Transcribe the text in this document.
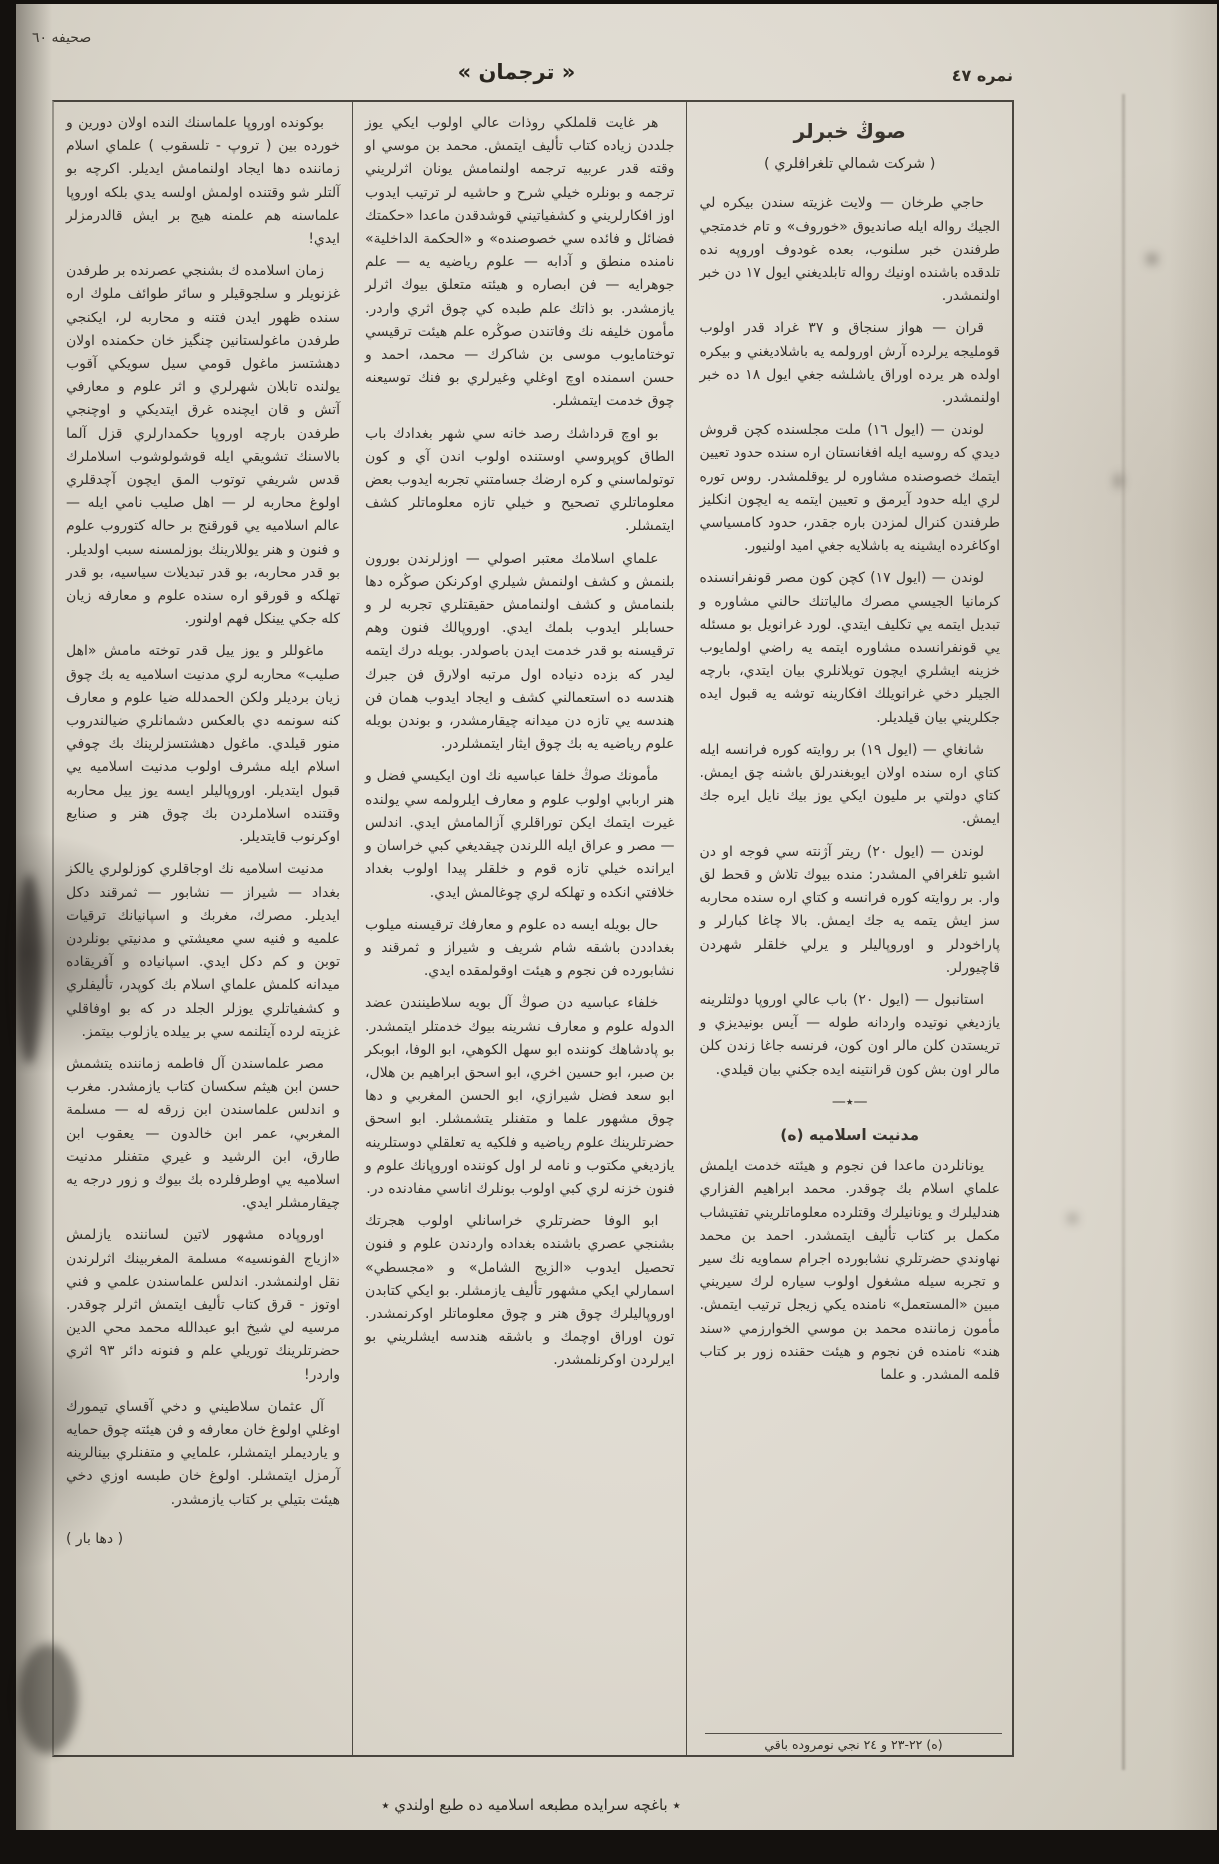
صحيفه ٦٠
« ترجمان »	نمره ٤٧

صوڭ خبرلر

( شركت شمالي تلغرافلري )

حاجي طرخان — ولايت غزيته سندن بيكره لي الجيك رواله ايله صانديوق «خوروف» و تام خدمتجي طرفندن خبر سلنوب، بعده غودوف اوروپه نده تلدقده باشنده اونيك رواله تابلديغني ايول ١٧ دن خبر اولنمشدر.

قران — هواز سنجاق و ٣٧ غراد قدر اولوب قومليجه يرلرده آرش اورولمه يه باشلاديغني و بيكره اولده هر يرده اوراق ياشلشه جغي ايول ١٨ ده خبر اولنمشدر.

لوندن — (ايول ١٦) ملت مجلسنده كچن قروش ديدي كه روسيه ايله افغانستان اره سنده حدود تعيين ايتمك خصوصنده مشاوره لر يوقلمشدر. روس توره لري ايله حدود آيرمق و تعيين ايتمه يه ايچون انكليز طرفندن كنرال لمزدن باره جقدر، حدود كامسياسي اوكاغرده ايشينه يه باشلايه جغي اميد اولنيور.

لوندن — (ايول ١٧) كچن كون مصر قونفرانسنده كرمانيا الجيسي مصرك مالياتنك حالني مشاوره و تبديل ايتمه يي تكليف ايتدي. لورد غرانويل بو مسئله يي قونفرانسده مشاوره ايتمه يه راضي اولمايوب خزينه ايشلري ايچون تويلانلري بيان ايتدي، بارچه الجيلر دخي غرانويلك افكارينه توشه يه قبول ايده جكلريني بيان قيلديلر.

شانغاي — (ايول ١٩) بر روايته كوره فرانسه ايله كتاي اره سنده اولان ايوبغندرلق باشنه چق ايمش. كتاي دولتي بر مليون ايكي يوز بيك نايل ايره جك ايمش.

لوندن — (ايول ٢٠) ريتر آژنته سي فوجه او دن اشبو تلغرافي المشدر: منده بيوك تلاش و قحط لق وار. بر روايته كوره فرانسه و كتاي اره سنده محاربه سز ايش يتمه يه جك ايمش. بالا چاغا كبارلر و پاراخودلر و اوروپاليلر و يرلي خلقلر شهردن قاچيورلر.

استانبول — (ايول ٢٠) باب عالي اوروپا دولتلرينه يازديغي نوتيده واردانه طوله — آيس بونيديزي و تريستدن كلن مالر اون كون، فرنسه جاغا زندن كلن مالر اون بش كون قرانتينه ايده جكني بيان قيلدي.

—٭—

مدنيت اسلاميه (ه)

يونانلردن ماعدا فن نجوم و هيئته خدمت ايلمش علماي اسلام بك چوقدر. محمد ابراهيم الفزاري هندليلرك و يونانيلرك وقتلرده معلوماتلريني تفتيشاب مكمل بر كتاب تأليف ايتمشدر. احمد بن محمد نهاوندي حضرتلري نشابورده اجرام سماويه نك سير و تجربه سيله مشغول اولوب سياره لرك سيريني مبين «المستعمل» نامنده يكي زيجل ترتيب ايتمش. مأمون زماننده محمد بن موسي الخوارزمي «سند هند» نامنده فن نجوم و هيئت حقنده زور بر كتاب قلمه المشدر. و علما

هر غايت قلملكي روذات عالي اولوب ايكي يوز جلددن زياده كتاب تأليف ايتمش. محمد بن موسي او وقته قدر عربيه ترجمه اولنمامش يونان اثرلريني ترجمه و بونلره خيلي شرح و حاشيه لر ترتيب ايدوب اوز افكارلريني و كشفياتيني قوشدقدن ماعدا «حكمتك فضائل و فائده سي خصوصنده» و «الحكمة الداخلية» نامنده منطق و آدابه — علوم رياضيه يه — علم جوهرايه — فن ابصاره و هيئته متعلق بيوك اثرلر يازمشدر. بو ذاتك علم طبده كي چوق اثري واردر. مأمون خليفه نك وفاتندن صوڭره علم هيئت ترقيسي توختامايوب موسى بن شاكرك — محمد، احمد و حسن اسمنده اوچ اوغلي وغيرلري بو فنك توسيعنه چوق خدمت ايتمشلر.

بو اوچ قرداشك رصد خانه سي شهر بغدادك باب الطاق كوپروسي اوستنده اولوب اندن آي و كون توتولماسني و كره ارضك جسامتني تجربه ايدوب بعض معلوماتلري تصحيح و خيلي تازه معلوماتلر كشف ايتمشلر.

علماي اسلامك معتبر اصولي — اوزلرندن بورون بلنمش و كشف اولنمش شيلري اوكرنكن صوڭره دها بلنمامش و كشف اولنمامش حقيقتلري تجربه لر و حسابلر ايدوب بلمك ايدي. اوروپالك فنون وهم ترقيسنه بو قدر خدمت ايدن باصولدر. بويله درك ايتمه ليدر كه بزده دنياده اول مرتبه اولارق فن جبرك هندسه ده استعمالني كشف و ايجاد ايدوب همان فن هندسه يي تازه دن ميدانه چيقارمشدر، و بوندن بويله علوم رياضيه يه بك چوق ايثار ايتمشلردر.

مأمونك صوڭ خلفا عباسيه نك اون ايكيسي فضل و هنر اربابي اولوب علوم و معارف ايلرولمه سي يولنده غيرت ايتمك ايكن توراقلري آزالمامش ايدي. اندلس — مصر و عراق ايله اللرندن چيقديغي كبي خراسان و ايرانده خيلي تازه قوم و خلقلر پيدا اولوب بغداد خلافتي انكده و تهلكه لري چوغالمش ايدي.

حال بويله ايسه ده علوم و معارفك ترقيسنه ميلوب بغداددن باشقه شام شريف و شيراز و ثمرقند و نشابورده فن نجوم و هيئت اوقولمقده ايدي.

خلفاء عباسيه دن صوڭ آل بويه سلاطينندن عضد الدوله علوم و معارف نشرينه بيوك خدمتلر ايتمشدر. بو پادشاهك كوننده ابو سهل الكوهي، ابو الوفا، ابوبكر بن صبر، ابو حسين اخري، ابو اسحق ابراهيم بن هلال، ابو سعد فضل شيرازي، ابو الحسن المغربي و دها چوق مشهور علما و متفنلر يتشمشلر. ابو اسحق حضرتلرينك علوم رياضيه و فلكيه يه تعلقلي دوستلرينه يازديغي مكتوب و نامه لر اول كوننده اوروپانك علوم و فنون خزنه لري كبي اولوب بونلرك اناسي مفادنده در.

ابو الوفا حضرتلري خراسانلي اولوب هجرتك بشنجي عصري باشنده بغداده واردندن علوم و فنون تحصيل ايدوب «الزيج الشامل» و «مجسطي» اسمارلي ايكي مشهور تأليف يازمشلر. بو ايكي كتابدن اوروپاليلرك چوق هنر و چوق معلوماتلر اوكرنمشدر. تون اوراق اوچمك و باشقه هندسه ايشلريني بو ايرلردن اوكرنلمشدر.

بوكونده اوروپا علماسنك النده اولان دورين و خورده بين ( تروپ - تلسقوب ) علماي اسلام زماننده دها ايجاد اولنمامش ايديلر. اكرچه بو آلتلر شو وقتنده اولمش اولسه يدي بلكه اوروپا علماسنه هم علمنه هيج بر ايش قالدرمزلر ايدي!

زمان اسلامده ك بشنجي عصرنده بر طرفدن غزنويلر و سلجوقيلر و سائر طوائف ملوك اره سنده ظهور ايدن فتنه و محاربه لر، ايكنجي طرفدن ماغولستانين چنگيز خان حكمنده اولان دهشتسز ماغول قومي سيل سويكي آقوب يولنده تابلان شهرلري و اثر علوم و معارفي آتش و قان ايچنده غرق ايتديكي و اوچنجي طرفدن بارچه اوروپا حكمدارلري قزل آلما بالاسنك تشويقي ايله قوشولوشوب اسلاملرك قدس شريفي توتوب المق ايچون آچدقلري اولوغ محاربه لر — اهل صليب نامي ايله — عالم اسلاميه يي قورقنج بر حاله كتوروب علوم و فنون و هنر يوللارينك بوزلمسنه سبب اولديلر. بو قدر محاربه، بو قدر تبديلات سياسيه، بو قدر تهلكه و قورقو اره سنده علوم و معارفه زيان كله جكي يينكل فهم اولنور.

ماغوللر و يوز ييل قدر توخته مامش «اهل صليب» محاربه لري مدنيت اسلاميه يه بك چوق زيان برديلر ولكن الحمدلله ضيا علوم و معارف كنه سونمه دي بالعكس دشمانلري ضيالندروب منور قيلدي. ماغول دهشتسزلرينك بك چوفي اسلام ايله مشرف اولوب مدنيت اسلاميه يي قبول ايتديلر. اوروپاليلر ايسه يوز ييل محاربه وقتنده اسلاملردن بك چوق هنر و صنايع اوكرنوب قايتديلر.

مدنيت اسلاميه نك اوجاقلري كوزلولري يالكز بغداد — شيراز — نشابور — ثمرقند دكل ايديلر. مصرك، مغربك و اسپانيانك ترقيات علميه و فنيه سي معيشتي و مدنيتي بونلردن توبن و كم دكل ايدي. اسپانياده و آفريقاده ميدانه كلمش علماي اسلام بك كوپدر، تأليفلري و كشفياتلري يوزلر الجلد در كه بو اوفاقلي غزيته لرده آيتلنمه سي بر ييلده يازلوب بيتمز.

مصر علماسندن آل فاطمه زماننده يتشمش حسن ابن هيثم سكسان كتاب يازمشدر. مغرب و اندلس علماسندن ابن زرقه له — مسلمة المغربي، عمر ابن خالدون — يعقوب ابن طارق، ابن الرشيد و غيري متفنلر مدنيت اسلاميه يي اوطرفلرده بك بيوك و زور درجه يه چيقارمشلر ايدي.

اوروپاده مشهور لاتين لساننده يازلمش «ازياج الفونسيه» مسلمة المغربينك اثرلرندن نقل اولنمشدر. اندلس علماسندن علمي و فني اوتوز - قرق كتاب تأليف ايتمش اثرلر چوقدر. مرسيه لي شيخ ابو عبدالله محمد محي الدين حضرتلرينك توريلي علم و فنونه دائر ٩٣ اثري واردر!

آل عثمان سلاطيني و دخي آقساي تيمورك اوغلي اولوغ خان معارفه و فن هيئته چوق حمايه و يارديملر ايتمشلر، علمايي و متفنلري بينالرينه آرمزل ايتمشلر. اولوغ خان طبسه اوزي دخي هيئت بتيلي بر كتاب يازمشدر.

( دها بار )

(ه) ٢٢-٢٣ و ٢٤ نجي نومروده باقي
٭ باغچه سرايده مطبعه اسلاميه ده طبع اولندي ٭
